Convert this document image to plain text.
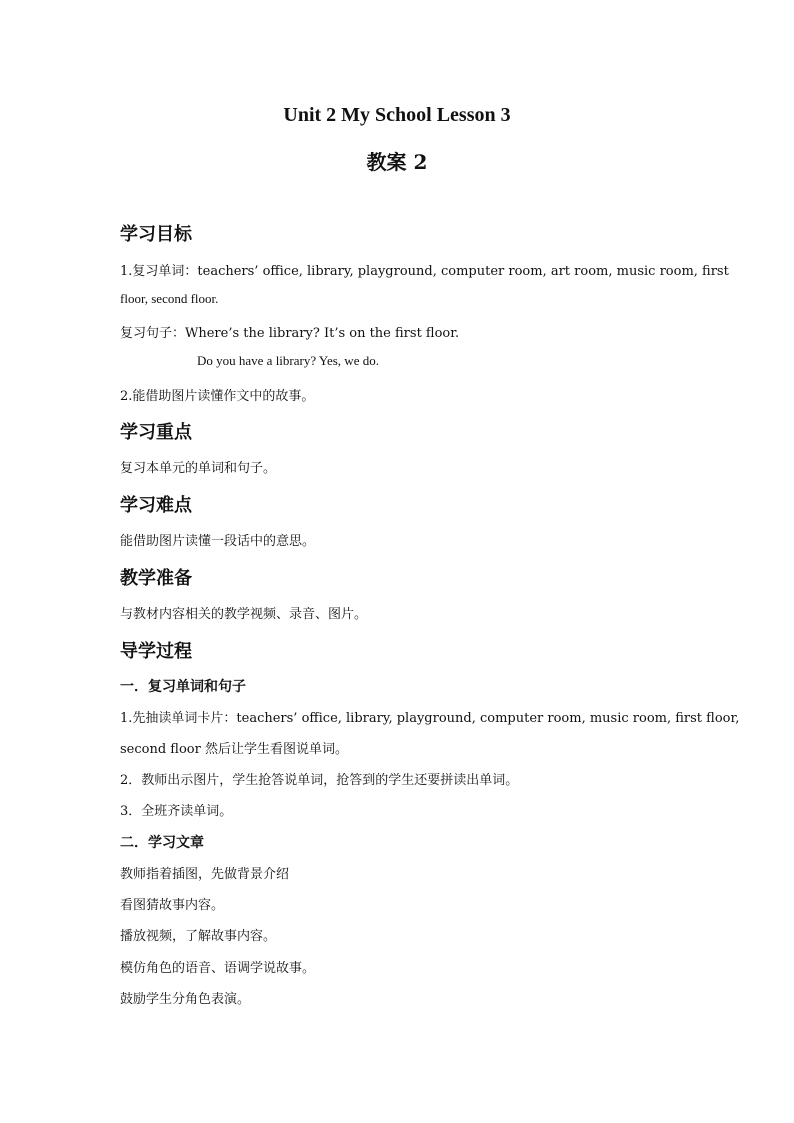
Unit 2 My School Lesson 3
教案 2
学习目标
1.复习单词：teachers’ office, library, playground, computer room, art room, music room, first
floor, second floor.
复习句子：Where’s the library? It’s on the first floor.
Do you have a library? Yes, we do.
2.能借助图片读懂作文中的故事。
学习重点
复习本单元的单词和句子。
学习难点
能借助图片读懂一段话中的意思。
教学准备
与教材内容相关的教学视频、录音、图片。
导学过程
一．复习单词和句子
1.先抽读单词卡片：teachers’ office, library, playground, computer room, music room, first floor,
second floor 然后让学生看图说单词。
2．教师出示图片，学生抢答说单词，抢答到的学生还要拼读出单词。
3．全班齐读单词。
二．学习文章
教师指着插图，先做背景介绍
看图猜故事内容。
播放视频，了解故事内容。
模仿角色的语音、语调学说故事。
鼓励学生分角色表演。
